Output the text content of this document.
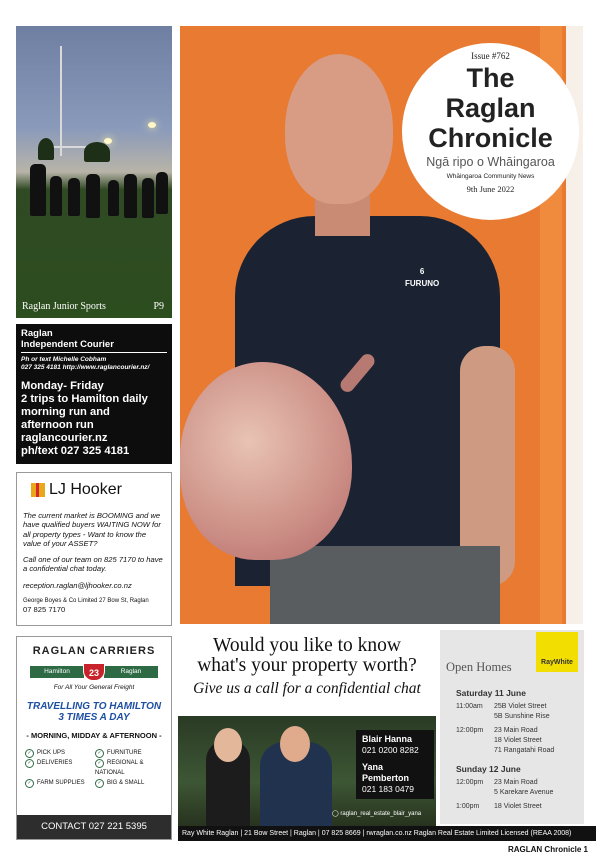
Raglan Junior Sports	P9
Raglan
Independent Courier
Ph or text Michelle Cobham
027 325 4181 http://www.raglancourier.nz/
Monday- Friday
2 trips to Hamilton daily
morning run and
afternoon run
raglancourier.nz
ph/text 027 325 4181
LJ Hooker

The current market is BOOMING and we have qualified buyers WAITING NOW for all property types - Want to know the value of your ASSET?

Call one of our team on 825 7170 to have a confidential chat today.

reception.raglan@ljhooker.co.nz

George Boyes & Co Limited 27 Bow St, Raglan
07 825 7170
RAGLAN CARRIERS
Hamilton	Raglan
23
For All Your General Freight
TRAVELLING TO HAMILTON
3 TIMES A DAY
- MORNING, MIDDAY & AFTERNOON -
✓ PICK UPS	✓ FURNITURE
✓ DELIVERIES	✓ REGIONAL & NATIONAL
✓ FARM SUPPLIES	✓ BIG & SMALL
CONTACT 027 221 5395
6
FURUNO
Issue #762
The
Raglan
Chronicle
Ngā ripo o Whāingaroa
Whāingaroa Community News
9th June 2022
Would you like to know
what's your property worth?
Give us a call for a confidential chat
Blair Hanna
021 0200 8282
Yana Pemberton
021 183 0479
◯ raglan_real_estate_blair_yana
Ray White Raglan | 21 Bow Street | Raglan | 07 825 8669 | rwraglan.co.nz Raglan Real Estate Limited Licensed (REAA 2008)
RayWhite
Open Homes
Saturday 11 June
11:00am	25B Violet Street
5B Sunshine Rise
12:00pm	23 Main Road
18 Violet Street
71 Rangatahi Road
Sunday 12 June
12:00pm	23 Main Road
5 Karekare Avenue
1:00pm	18 Violet Street
RAGLAN Chronicle 1
